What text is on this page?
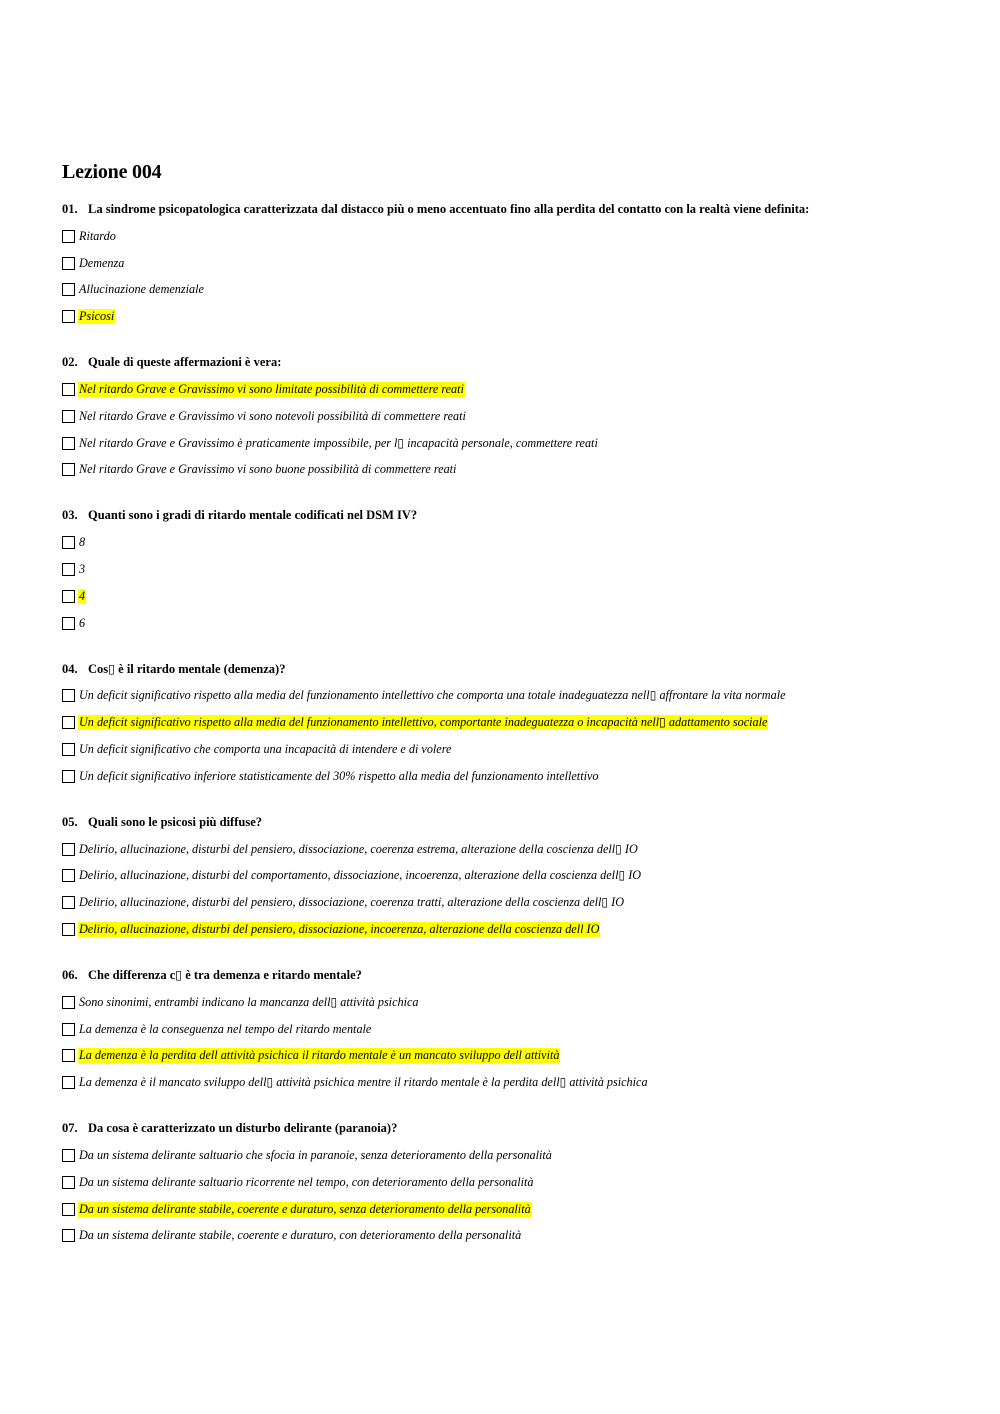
Lezione 004
01. La sindrome psicopatologica caratterizzata dal distacco più o meno accentuato fino alla perdita del contatto con la realtà viene definita:
Ritardo
Demenza
Allucinazione demenziale
Psicosi
02. Quale di queste affermazioni è vera:
Nel ritardo Grave e Gravissimo vi sono limitate possibilità di commettere reati
Nel ritardo Grave e Gravissimo vi sono notevoli possibilità di commettere reati
Nel ritardo Grave e Gravissimo è praticamente impossibile, per l▯ incapacità personale, commettere reati
Nel ritardo Grave e Gravissimo vi sono buone possibilità di commettere reati
03. Quanti sono i gradi di ritardo mentale codificati nel DSM IV?
8
3
4
6
04. Cos▯ è il ritardo mentale (demenza)?
Un deficit significativo rispetto alla media del funzionamento intellettivo che comporta una totale inadeguatezza nell▯ affrontare la vita normale
Un deficit significativo rispetto alla media del funzionamento intellettivo, comportante inadeguatezza o incapacità nell▯ adattamento sociale
Un deficit significativo che comporta una incapacità di intendere e di volere
Un deficit significativo inferiore statisticamente del 30% rispetto alla media del funzionamento intellettivo
05. Quali sono le psicosi più diffuse?
Delirio, allucinazione, disturbi del pensiero, dissociazione, coerenza estrema, alterazione della coscienza dell▯ IO
Delirio, allucinazione, disturbi del comportamento, dissociazione, incoerenza, alterazione della coscienza dell▯ IO
Delirio, allucinazione, disturbi del pensiero, dissociazione, coerenza tratti, alterazione della coscienza dell▯ IO
Delirio, allucinazione, disturbi del pensiero, dissociazione, incoerenza, alterazione della coscienza dell IO
06. Che differenza c▯ è tra demenza e ritardo mentale?
Sono sinonimi, entrambi indicano la mancanza dell▯ attività psichica
La demenza è la conseguenza nel tempo del ritardo mentale
La demenza è la perdita dell attività psichica il ritardo mentale è un mancato sviluppo dell attività
La demenza è il mancato sviluppo dell▯ attività psichica mentre il ritardo mentale è la perdita dell▯ attività psichica
07. Da cosa è caratterizzato un disturbo delirante (paranoia)?
Da un sistema delirante saltuario che sfocia in paranoie, senza deterioramento della personalità
Da un sistema delirante saltuario ricorrente nel tempo, con deterioramento della personalità
Da un sistema delirante stabile, coerente e duraturo, senza deterioramento della personalità
Da un sistema delirante stabile, coerente e duraturo, con deterioramento della personalità
